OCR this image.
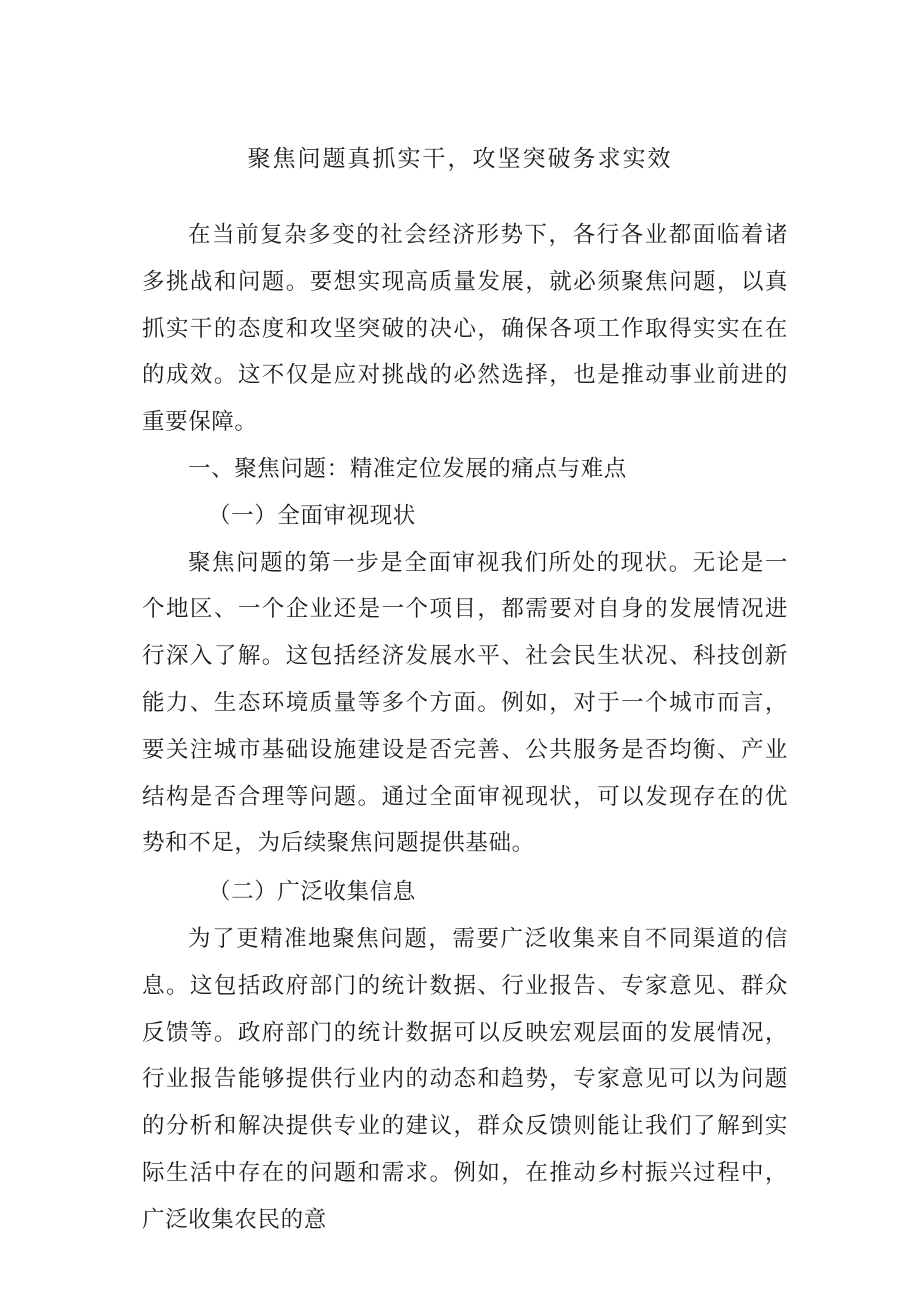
聚焦问题真抓实干，攻坚突破务求实效

在当前复杂多变的社会经济形势下，各行各业都面临着诸多挑战和问题。要想实现高质量发展，就必须聚焦问题，以真抓实干的态度和攻坚突破的决心，确保各项工作取得实实在在的成效。这不仅是应对挑战的必然选择，也是推动事业前进的重要保障。

一、聚焦问题：精准定位发展的痛点与难点

（一）全面审视现状

聚焦问题的第一步是全面审视我们所处的现状。无论是一个地区、一个企业还是一个项目，都需要对自身的发展情况进行深入了解。这包括经济发展水平、社会民生状况、科技创新能力、生态环境质量等多个方面。例如，对于一个城市而言，要关注城市基础设施建设是否完善、公共服务是否均衡、产业结构是否合理等问题。通过全面审视现状，可以发现存在的优势和不足，为后续聚焦问题提供基础。

（二）广泛收集信息

为了更精准地聚焦问题，需要广泛收集来自不同渠道的信息。这包括政府部门的统计数据、行业报告、专家意见、群众反馈等。政府部门的统计数据可以反映宏观层面的发展情况，行业报告能够提供行业内的动态和趋势，专家意见可以为问题的分析和解决提供专业的建议，群众反馈则能让我们了解到实际生活中存在的问题和需求。例如，在推动乡村振兴过程中，广泛收集农民的意
